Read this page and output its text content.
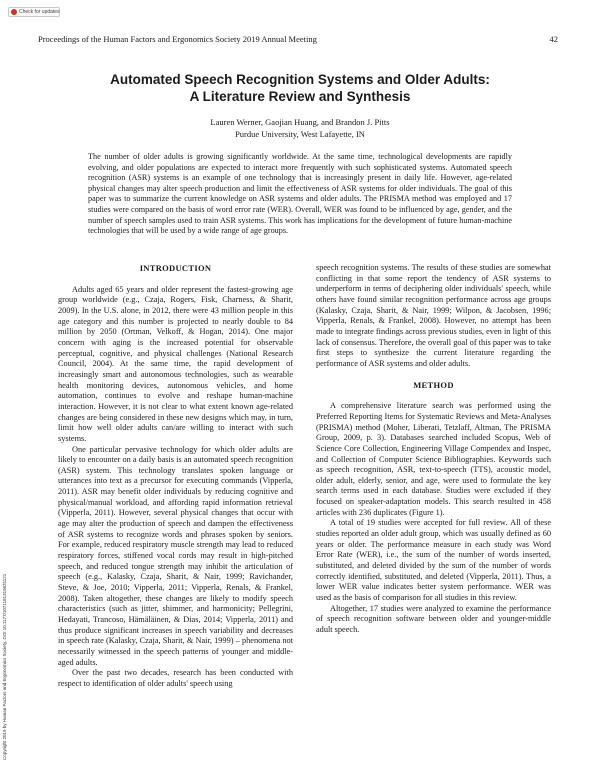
Check for updates
Proceedings of the Human Factors and Ergonomics Society 2019 Annual Meeting	42
Automated Speech Recognition Systems and Older Adults:
A Literature Review and Synthesis
Lauren Werner, Gaojian Huang, and Brandon J. Pitts
Purdue University, West Lafayette, IN
The number of older adults is growing significantly worldwide. At the same time, technological developments are rapidly evolving, and older populations are expected to interact more frequently with such sophisticated systems. Automated speech recognition (ASR) systems is an example of one technology that is increasingly present in daily life. However, age-related physical changes may alter speech production and limit the effectiveness of ASR systems for older individuals. The goal of this paper was to summarize the current knowledge on ASR systems and older adults. The PRISMA method was employed and 17 studies were compared on the basis of word error rate (WER). Overall, WER was found to be influenced by age, gender, and the number of speech samples used to train ASR systems. This work has implications for the development of future human-machine technologies that will be used by a wide range of age groups.
INTRODUCTION

Adults aged 65 years and older represent the fastest-growing age group worldwide (e.g., Czaja, Rogers, Fisk, Charness, & Sharit, 2009). In the U.S. alone, in 2012, there were 43 million people in this age category and this number is projected to nearly double to 84 million by 2050 (Ortman, Velkoff, & Hogan, 2014). One major concern with aging is the increased potential for observable perceptual, cognitive, and physical challenges (National Research Council, 2004). At the same time, the rapid development of increasingly smart and autonomous technologies, such as wearable health monitoring devices, autonomous vehicles, and home automation, continues to evolve and reshape human-machine interaction. However, it is not clear to what extent known age-related changes are being considered in these new designs which may, in turn, limit how well older adults can/are willing to interact with such systems.

One particular pervasive technology for which older adults are likely to encounter on a daily basis is an automated speech recognition (ASR) system. This technology translates spoken language or utterances into text as a precursor for executing commands (Vipperla, 2011). ASR may benefit older individuals by reducing cognitive and physical/manual workload, and affording rapid information retrieval (Vipperla, 2011). However, several physical changes that occur with age may alter the production of speech and dampen the effectiveness of ASR systems to recognize words and phrases spoken by seniors. For example, reduced respiratory muscle strength may lead to reduced respiratory forces, stiffened vocal cords may result in high-pitched speech, and reduced tongue strength may inhibit the articulation of speech (e.g., Kalasky, Czaja, Sharit, & Nair, 1999; Ravichander, Steve, & Joe, 2010; Vipperla, 2011; Vipperla, Renals, & Frankel, 2008). Taken altogether, these changes are likely to modify speech characteristics (such as jitter, shimmer, and harmonicity; Pellegrini, Hedayati, Trancoso, Hämäläinen, & Dias, 2014; Vipperla, 2011) and thus produce significant increases in speech variability and decreases in speech rate (Kalasky, Czaja, Sharit, & Nair, 1999) – phenomena not necessarily witnessed in the speech patterns of younger and middle-aged adults.

Over the past two decades, research has been conducted with respect to identification of older adults' speech using

speech recognition systems. The results of these studies are somewhat conflicting in that some report the tendency of ASR systems to underperform in terms of deciphering older individuals' speech, while others have found similar recognition performance across age groups (Kalasky, Czaja, Sharit, & Nair, 1999; Wilpon, & Jacobsen, 1996; Vipperla, Renals, & Frankel, 2008). However, no attempt has been made to integrate findings across previous studies, even in light of this lack of consensus. Therefore, the overall goal of this paper was to take first steps to synthesize the current literature regarding the performance of ASR systems and older adults.

METHOD

A comprehensive literature search was performed using the Preferred Reporting Items for Systematic Reviews and Meta-Analyses (PRISMA) method (Moher, Liberati, Tetzlaff, Altman, The PRISMA Group, 2009, p. 3). Databases searched included Scopus, Web of Science Core Collection, Engineering Village Compendex and Inspec, and Collection of Computer Science Bibliographies. Keywords such as speech recognition, ASR, text-to-speech (TTS), acoustic model, older adult, elderly, senior, and age, were used to formulate the key search terms used in each database. Studies were excluded if they focused on speaker-adaptation models. This search resulted in 458 articles with 236 duplicates (Figure 1).

A total of 19 studies were accepted for full review. All of these studies reported an older adult group, which was usually defined as 60 years or older. The performance measure in each study was Word Error Rate (WER), i.e., the sum of the number of words inserted, substituted, and deleted divided by the sum of the number of words correctly identified, substituted, and deleted (Vipperla, 2011). Thus, a lower WER value indicates better system performance. WER was used as the basis of comparison for all studies in this review.

Altogether, 17 studies were analyzed to examine the performance of speech recognition software between older and younger-middle adult speech.

Copyright 2019 by Human Factors and Ergonomics Society. DOI 10.1177/1071181319631121
